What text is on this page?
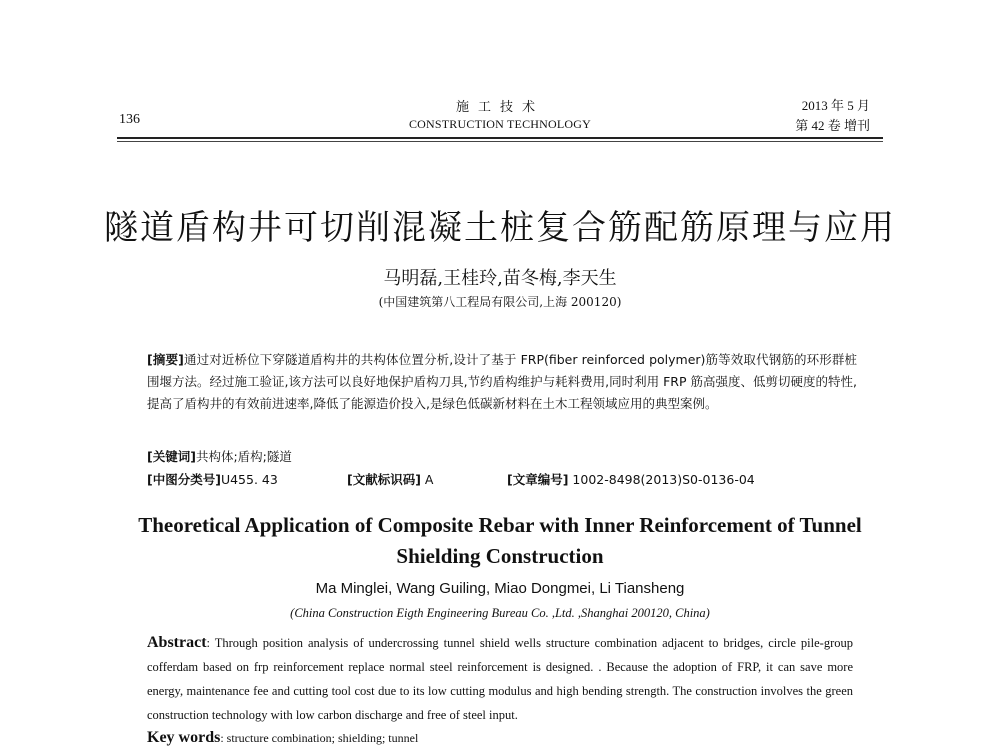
136
施工技术
CONSTRUCTION TECHNOLOGY
2013 年 5 月
第 42 卷 增刊
隧道盾构井可切削混凝土桩复合筋配筋原理与应用
马明磊,王桂玲,苗冬梅,李天生
(中国建筑第八工程局有限公司,上海 200120)
[摘要]通过对近桥位下穿隧道盾构井的共构体位置分析,设计了基于 FRP(fiber reinforced polymer)筋等效取代钢筋的环形群桩围堰方法。经过施工验证,该方法可以良好地保护盾构刀具,节约盾构维护与耗料费用,同时利用 FRP 筋高强度、低剪切硬度的特性,提高了盾构井的有效前进速率,降低了能源造价投入,是绿色低碳新材料在土木工程领域应用的典型案例。
[关键词]共构体;盾构;隧道
[中图分类号]U455. 43	[文献标识码] A	[文章编号] 1002-8498(2013)S0-0136-04
Theoretical Application of Composite Rebar with Inner Reinforcement of Tunnel Shielding Construction
Ma Minglei, Wang Guiling, Miao Dongmei, Li Tiansheng
(China Construction Eigth Engineering Bureau Co. ,Ltd. ,Shanghai 200120, China)
Abstract: Through position analysis of undercrossing tunnel shield wells structure combination adjacent to bridges, circle pile-group cofferdam based on frp reinforcement replace normal steel reinforcement is designed. . Because the adoption of FRP, it can save more energy, maintenance fee and cutting tool cost due to its low cutting modulus and high bending strength. The construction involves the green construction technology with low carbon discharge and free of steel input.
Key words: structure combination; shielding; tunnel
